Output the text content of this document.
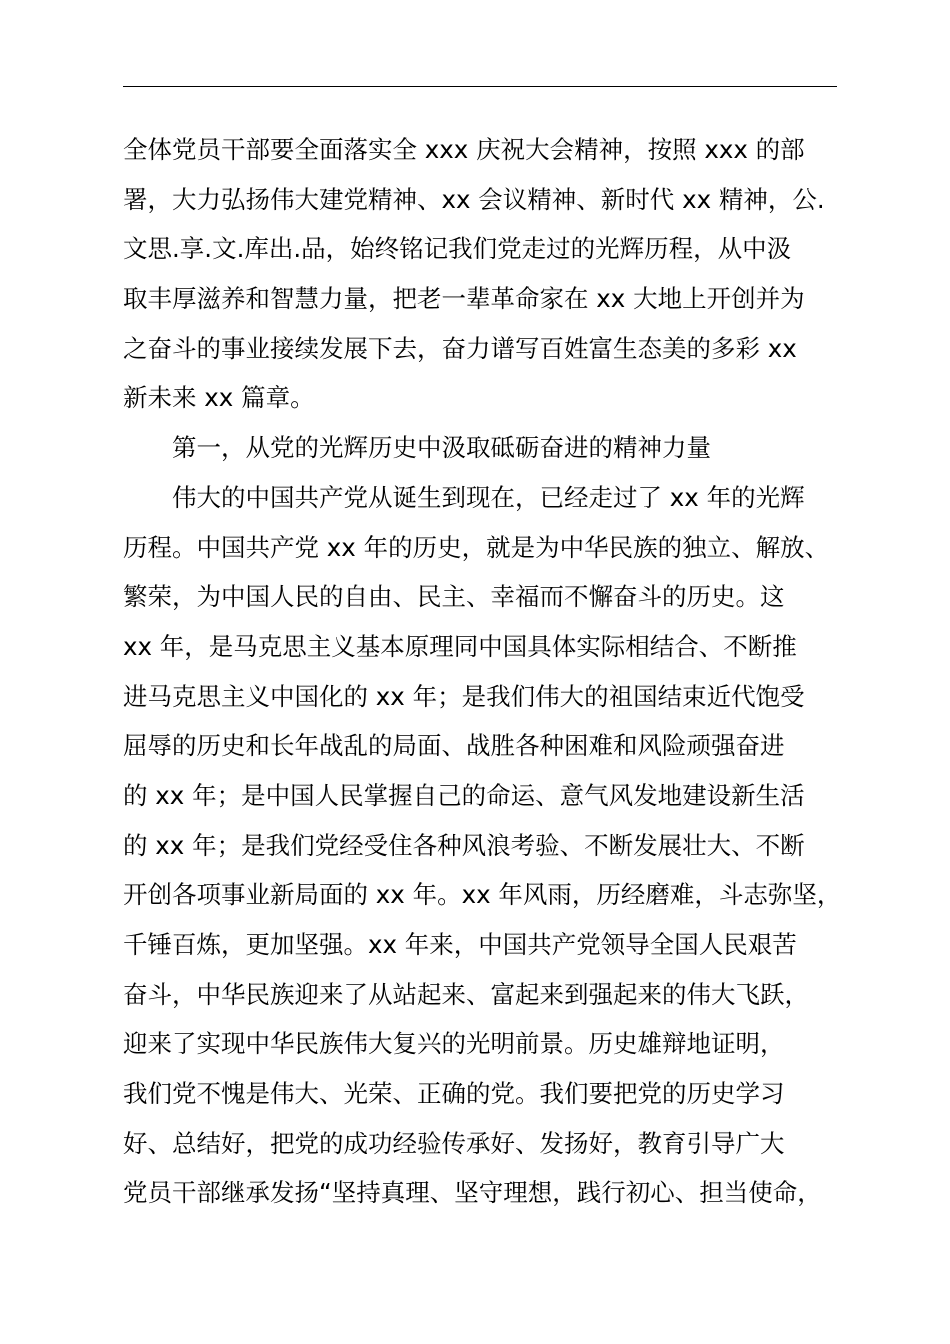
全体党员干部要全面落实全 xxx 庆祝大会精神，按照 xxx 的部
署，大力弘扬伟大建党精神、xx 会议精神、新时代 xx 精神，公.
文思.享.文.库出.品，始终铭记我们党走过的光辉历程，从中汲
取丰厚滋养和智慧力量，把老一辈革命家在 xx 大地上开创并为
之奋斗的事业接续发展下去，奋力谱写百姓富生态美的多彩 xx
新未来 xx 篇章。
第一，从党的光辉历史中汲取砥砺奋进的精神力量
伟大的中国共产党从诞生到现在，已经走过了 xx 年的光辉
历程。中国共产党 xx 年的历史，就是为中华民族的独立、解放、
繁荣，为中国人民的自由、民主、幸福而不懈奋斗的历史。这
xx 年，是马克思主义基本原理同中国具体实际相结合、不断推
进马克思主义中国化的 xx 年；是我们伟大的祖国结束近代饱受
屈辱的历史和长年战乱的局面、战胜各种困难和风险顽强奋进
的 xx 年；是中国人民掌握自己的命运、意气风发地建设新生活
的 xx 年；是我们党经受住各种风浪考验、不断发展壮大、不断
开创各项事业新局面的 xx 年。xx 年风雨，历经磨难，斗志弥坚，
千锤百炼，更加坚强。xx 年来，中国共产党领导全国人民艰苦
奋斗，中华民族迎来了从站起来、富起来到强起来的伟大飞跃，
迎来了实现中华民族伟大复兴的光明前景。历史雄辩地证明，
我们党不愧是伟大、光荣、正确的党。我们要把党的历史学习
好、总结好，把党的成功经验传承好、发扬好，教育引导广大
党员干部继承发扬“坚持真理、坚守理想，践行初心、担当使命，
